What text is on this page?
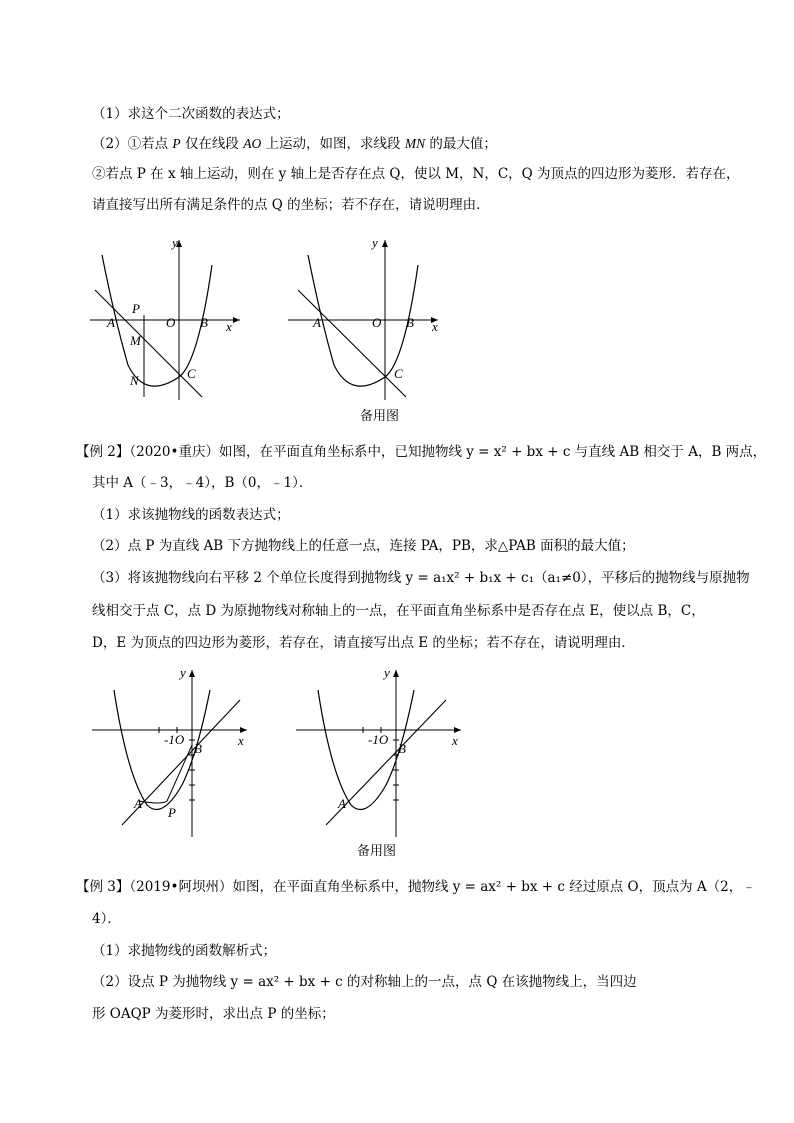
（1）求这个二次函数的表达式；
（2）①若点 P 仅在线段 AO 上运动，如图，求线段 MN 的最大值；
②若点 P 在 x 轴上运动，则在 y 轴上是否存在点 Q，使以 M，N，C，Q 为顶点的四边形为菱形．若存在，
请直接写出所有满足条件的点 Q 的坐标；若不存在，请说明理由．
y
x
A	O B
P
M
N	C
y
x
A	O B
C
备用图
【例 2】（2020•重庆）如图，在平面直角坐标系中，已知抛物线 y = x² + bx + c 与直线 AB 相交于 A，B 两点，
其中 A（﹣3，﹣4），B（0，﹣1）．
（1）求该抛物线的函数表达式；
（2）点 P 为直线 AB 下方抛物线上的任意一点，连接 PA，PB，求△PAB 面积的最大值；
（3）将该抛物线向右平移 2 个单位长度得到抛物线 y = a₁x² + b₁x + c₁（a₁≠0），平移后的抛物线与原抛物
线相交于点 C，点 D 为原抛物线对称轴上的一点，在平面直角坐标系中是否存在点 E，使以点 B，C，
D，E 为顶点的四边形为菱形，若存在，请直接写出点 E 的坐标；若不存在，请说明理由．
y
x
-1O
B
A
P
y
x
-1O
B
A
备用图
【例 3】（2019•阿坝州）如图，在平面直角坐标系中，抛物线 y = ax² + bx + c 经过原点 O，顶点为 A（2，﹣
4）．
（1）求抛物线的函数解析式；
（2）设点 P 为抛物线 y = ax² + bx + c 的对称轴上的一点，点 Q 在该抛物线上，当四边
形 OAQP 为菱形时，求出点 P 的坐标；
